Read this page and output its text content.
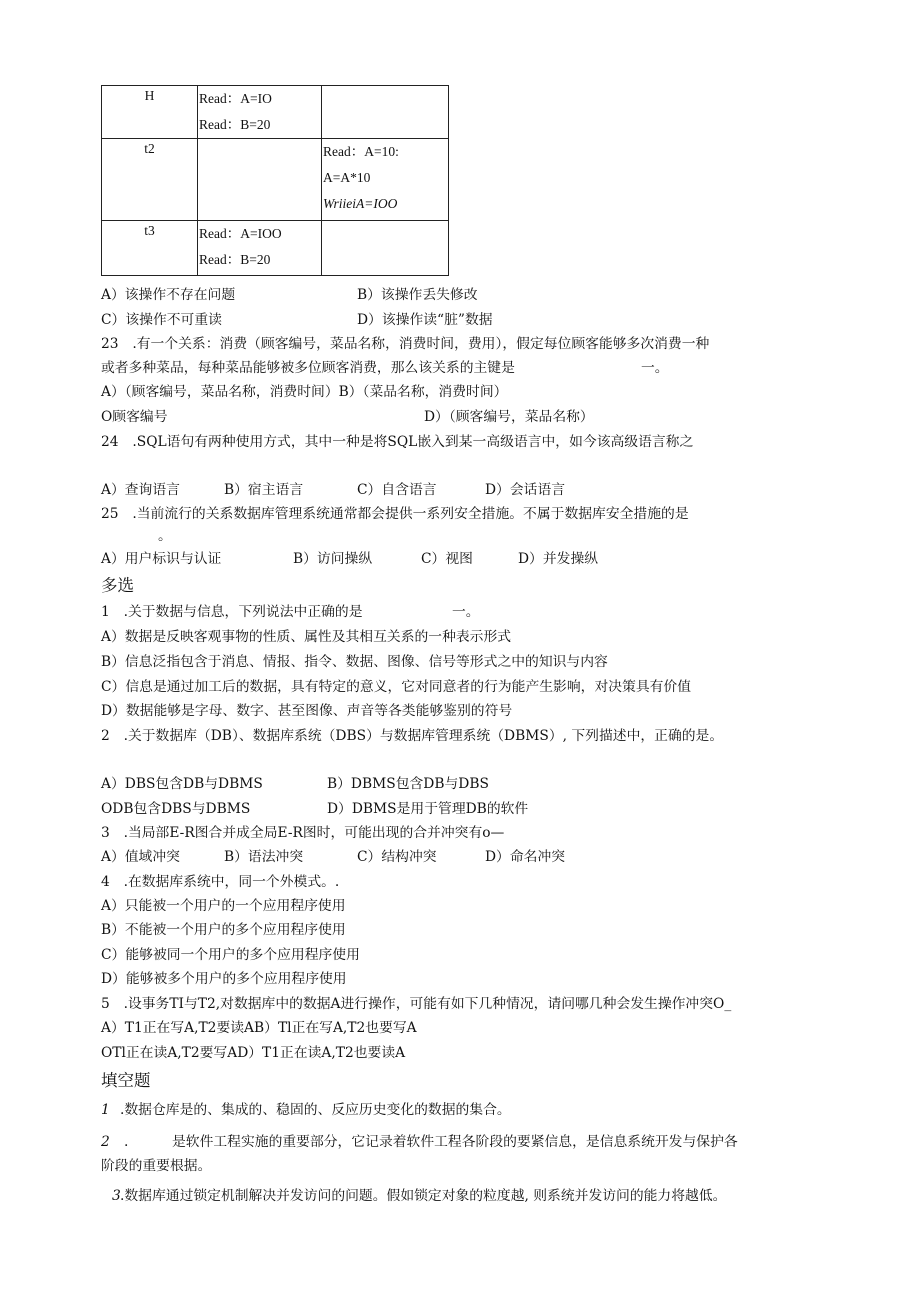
H	Read：A=IO
Read：B=20	

t2		Read：A=10:
A=A*10
WriieiA=IOO

t3	Read：A=IOO
Read：B=20	

A）该操作不存在问题	B）该操作丢失修改
C）该操作不可重读	D）该操作读“脏”数据
23　.有一个关系：消费（顾客编号，菜品名称，消费时间，费用），假定每位顾客能够多次消费一种
或者多种菜品，每种菜品能够被多位顾客消费，那么该关系的主键是	一。
A）（顾客编号，菜品名称，消费时间）B）（菜品名称，消费时间）
O顾客编号	D）（顾客编号，菜品名称）
24　.SQL语句有两种使用方式，其中一种是将SQL嵌入到某一高级语言中，如今该高级语言称之
A）查询语言	B）宿主语言	C）自含语言	D）会话语言
25　.当前流行的关系数据库管理系统通常都会提供一系列安全措施。不属于数据库安全措施的是
。
A）用户标识与认证	B）访问操纵	C）视图	D）并发操纵
多选
1　.关于数据与信息，下列说法中正确的是	一。
A）数据是反映客观事物的性质、属性及其相互关系的一种表示形式
B）信息泛指包含于消息、情报、指令、数据、图像、信号等形式之中的知识与内容
C）信息是通过加工后的数据，具有特定的意义，它对同意者的行为能产生影响，对决策具有价值
D）数据能够是字母、数字、甚至图像、声音等各类能够鉴别的符号
2　.关于数据库（DB）、数据库系统（DBS）与数据库管理系统（DBMS）, 下列描述中，正确的是。
A）DBS包含DB与DBMS	B）DBMS包含DB与DBS
ODB包含DBS与DBMS	D）DBMS是用于管理DB的软件
3　.当局部E-R图合并成全局E-R图时，可能出现的合并冲突有o—
A）值域冲突	B）语法冲突	C）结构冲突	D）命名冲突
4　.在数据库系统中，同一个外模式。.
A）只能被一个用户的一个应用程序使用
B）不能被一个用户的多个应用程序使用
C）能够被同一个用户的多个应用程序使用
D）能够被多个用户的多个应用程序使用
5　.设事务TI与T2,对数据库中的数据A进行操作，可能有如下几种情况，请问哪几种会发生操作冲突O_
A）T1正在写A,T2要读AB）Tl正在写A,T2也要写A
OTl正在读A,T2要写AD）T1正在读A,T2也要读A
填空题
1 .数据仓库是的、集成的、稳固的、反应历史变化的数据的集合。
2 .	是软件工程实施的重要部分，它记录着软件工程各阶段的要紧信息，是信息系统开发与保护各
阶段的重要根据。
3 .数据库通过锁定机制解决并发访问的问题。假如锁定对象的粒度越, 则系统并发访问的能力将越低。
